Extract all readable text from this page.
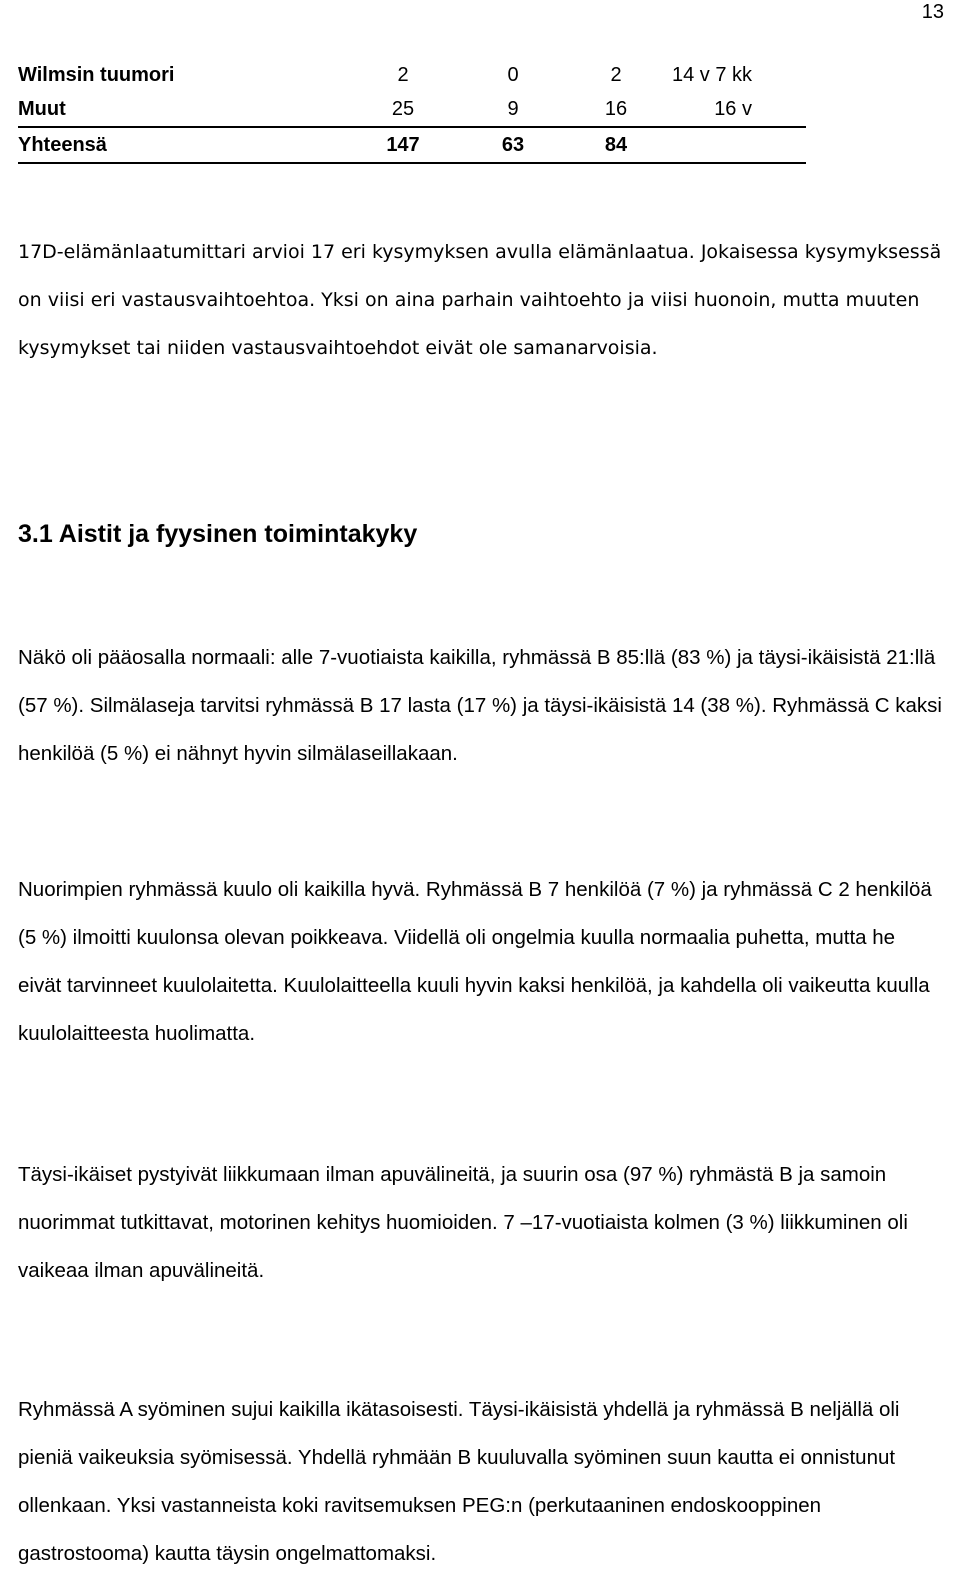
13
Wilmsin tuumori	2	0	2	14 v 7 kk
Muut	25	9	16	16 v
Yhteensä	147	63	84	

17D-elämänlaatumittari arvioi 17 eri kysymyksen avulla elämänlaatua. Jokaisessa kysymyksessä on viisi eri vastausvaihtoehtoa. Yksi on aina parhain vaihtoehto ja viisi huonoin, mutta muuten kysymykset tai niiden vastausvaihtoehdot eivät ole samanarvoisia.

3.1 Aistit ja fyysinen toimintakyky

Näkö oli pääosalla normaali: alle 7-vuotiaista kaikilla, ryhmässä B 85:llä (83 %) ja täysi-ikäisistä 21:llä (57 %). Silmälaseja tarvitsi ryhmässä B 17 lasta (17 %) ja täysi-ikäisistä 14 (38 %). Ryhmässä C kaksi henkilöä (5 %) ei nähnyt hyvin silmälaseillakaan.

Nuorimpien ryhmässä kuulo oli kaikilla hyvä. Ryhmässä B 7 henkilöä (7 %) ja ryhmässä C 2 henkilöä (5 %) ilmoitti kuulonsa olevan poikkeava. Viidellä oli ongelmia kuulla normaalia puhetta, mutta he eivät tarvinneet kuulolaitetta. Kuulolaitteella kuuli hyvin kaksi henkilöä, ja kahdella oli vaikeutta kuulla kuulolaitteesta huolimatta.

Täysi-ikäiset pystyivät liikkumaan ilman apuvälineitä, ja suurin osa (97 %) ryhmästä B ja samoin nuorimmat tutkittavat, motorinen kehitys huomioiden. 7 –17-vuotiaista kolmen (3 %) liikkuminen oli vaikeaa ilman apuvälineitä.

Ryhmässä A syöminen sujui kaikilla ikätasoisesti. Täysi-ikäisistä yhdellä ja ryhmässä B neljällä oli pieniä vaikeuksia syömisessä. Yhdellä ryhmään B kuuluvalla syöminen suun kautta ei onnistunut ollenkaan. Yksi vastanneista koki ravitsemuksen PEG:n (perkutaaninen endoskooppinen gastrostooma) kautta täysin ongelmattomaksi.
